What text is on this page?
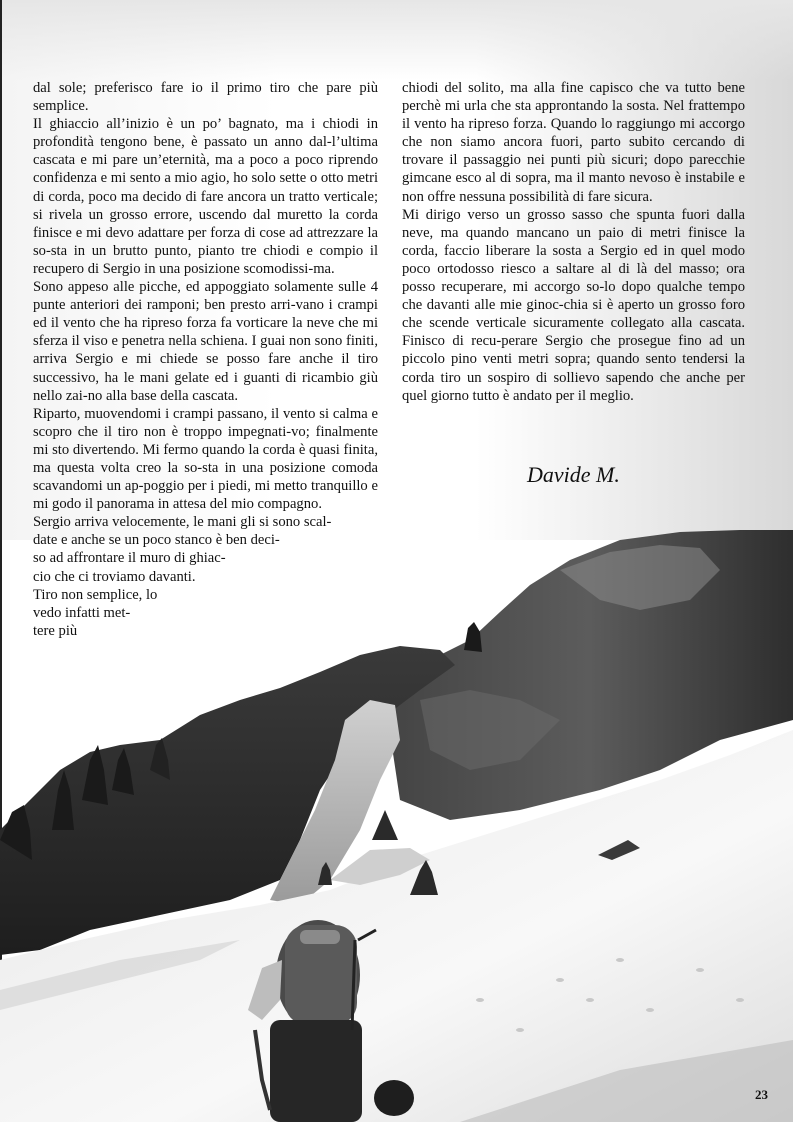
dal sole; preferisco fare io il primo tiro che pare più semplice.

Il ghiaccio all’inizio è un po’ bagnato, ma i chiodi in profondità tengono bene, è passato un anno dal-l’ultima cascata e mi pare un’eternità, ma a poco a poco riprendo confidenza e mi sento a mio agio, ho solo sette o otto metri di corda, poco ma decido di fare ancora un tratto verticale; si rivela un grosso errore, uscendo dal muretto la corda finisce e mi devo adattare per forza di cose ad attrezzare la so-sta in un brutto punto, pianto tre chiodi e compio il recupero di Sergio in una posizione scomodissi-ma.

Sono appeso alle picche, ed appoggiato solamente sulle 4 punte anteriori dei ramponi; ben presto arri-vano i crampi ed il vento che ha ripreso forza fa vorticare la neve che mi sferza il viso e penetra nella schiena. I guai non sono finiti, arriva Sergio e mi chiede se posso fare anche il tiro successivo, ha le mani gelate ed i guanti di ricambio giù nello zai-no alla base della cascata.

Riparto, muovendomi i crampi passano, il vento si calma e scopro che il tiro non è troppo impegnati-vo; finalmente mi sto divertendo. Mi fermo quando la corda è quasi finita, ma questa volta creo la so-sta in una posizione comoda scavandomi un ap-poggio per i piedi, mi metto tranquillo e mi godo il panorama in attesa del mio compagno.

Sergio arriva velocemente, le mani gli si sono scal-

date e anche se un poco stanco è ben deci-

so ad affrontare il muro di ghiac-

cio che ci troviamo davanti.

Tiro non semplice, lo

vedo infatti met-

tere più

chiodi del solito, ma alla fine capisco che va tutto bene perchè mi urla che sta approntando la sosta. Nel frattempo il vento ha ripreso forza. Quando lo raggiungo mi accorgo che non siamo ancora fuori, parto subito cercando di trovare il passaggio nei punti più sicuri; dopo parecchie gimcane esco al di sopra, ma il manto nevoso è instabile e non offre nessuna possibilità di fare sicura.

Mi dirigo verso un grosso sasso che spunta fuori dalla neve, ma quando mancano un paio di metri finisce la corda, faccio liberare la sosta a Sergio ed in quel modo poco ortodosso riesco a saltare al di là del masso; ora posso recuperare, mi accorgo so-lo dopo qualche tempo che davanti alle mie ginoc-chia si è aperto un grosso foro che scende verticale sicuramente collegato alla cascata. Finisco di recu-perare Sergio che prosegue fino ad un piccolo pino venti metri sopra; quando sento tendersi la corda tiro un sospiro di sollievo sapendo che anche per quel giorno tutto è andato per il meglio.

Davide M.
23
